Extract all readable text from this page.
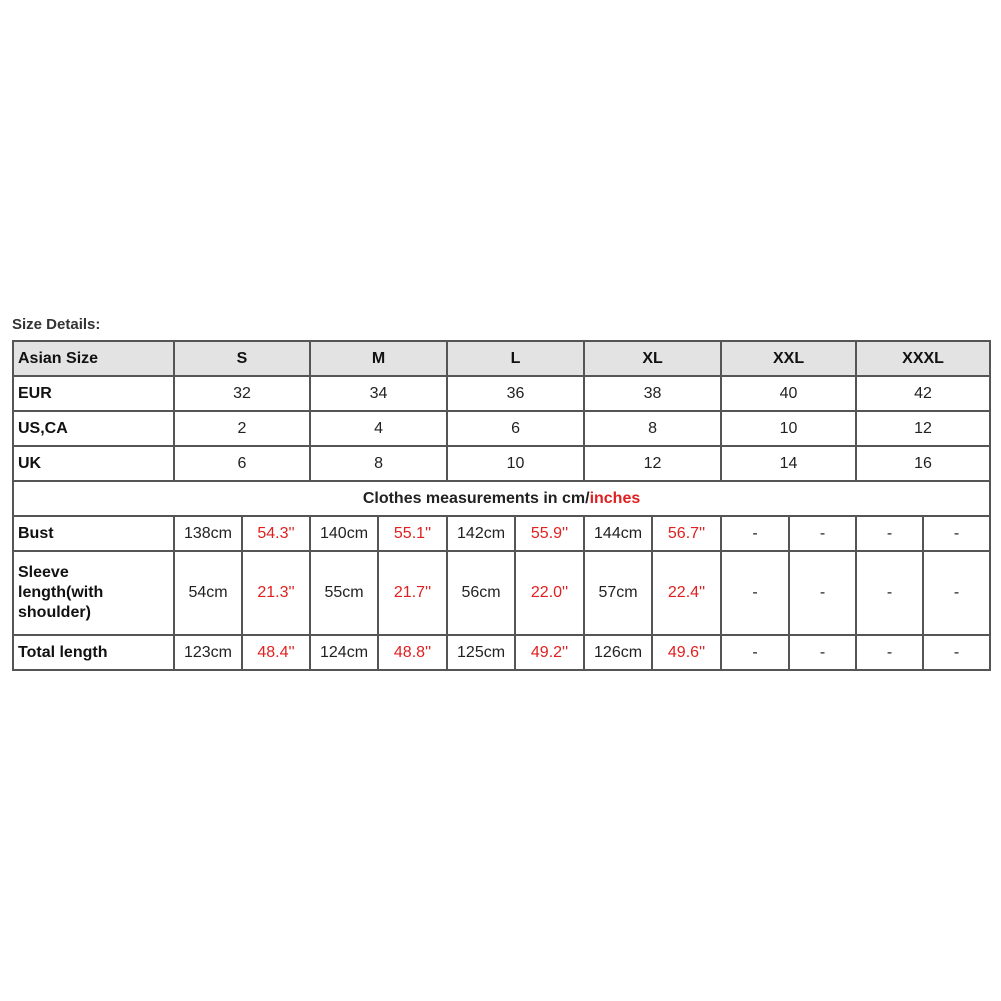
Size Details:
Asian Size	S		M		L		XL		XXL		XXXL	
EUR	32		34		36		38		40		42	
US,CA	2		4		6		8		10		12	
UK	6		8		10		12		14		16	
Clothes measurements in cm/inches												
Bust	138cm	54.3''	140cm	55.1''	142cm	55.9''	144cm	56.7''	-	-	-	-
Sleeve
length(with
shoulder)	54cm	21.3''	55cm	21.7''	56cm	22.0''	57cm	22.4''	-	-	-	-
Total length	123cm	48.4''	124cm	48.8''	125cm	49.2''	126cm	49.6''	-	-	-	-
